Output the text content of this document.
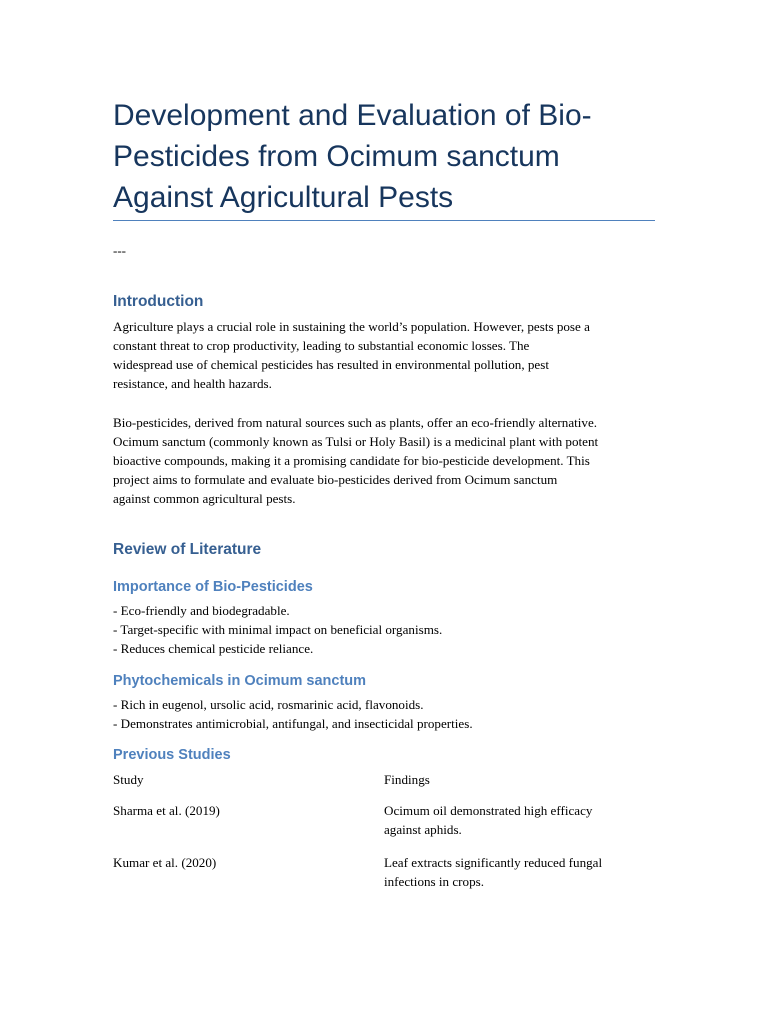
Development and Evaluation of Bio-
Pesticides from Ocimum sanctum
Against Agricultural Pests
---
Introduction

Agriculture plays a crucial role in sustaining the world’s population. However, pests pose a
constant threat to crop productivity, leading to substantial economic losses. The
widespread use of chemical pesticides has resulted in environmental pollution, pest
resistance, and health hazards.

Bio-pesticides, derived from natural sources such as plants, offer an eco-friendly alternative.
Ocimum sanctum (commonly known as Tulsi or Holy Basil) is a medicinal plant with potent
bioactive compounds, making it a promising candidate for bio-pesticide development. This
project aims to formulate and evaluate bio-pesticides derived from Ocimum sanctum
against common agricultural pests.

Review of Literature
Importance of Bio-Pesticides
- Eco-friendly and biodegradable.
- Target-specific with minimal impact on beneficial organisms.
- Reduces chemical pesticide reliance.
Phytochemicals in Ocimum sanctum
- Rich in eugenol, ursolic acid, rosmarinic acid, flavonoids.
- Demonstrates antimicrobial, antifungal, and insecticidal properties.
Previous Studies
Study	Findings
Sharma et al. (2019)	Ocimum oil demonstrated high efficacy
against aphids.
Kumar et al. (2020)	Leaf extracts significantly reduced fungal
infections in crops.
